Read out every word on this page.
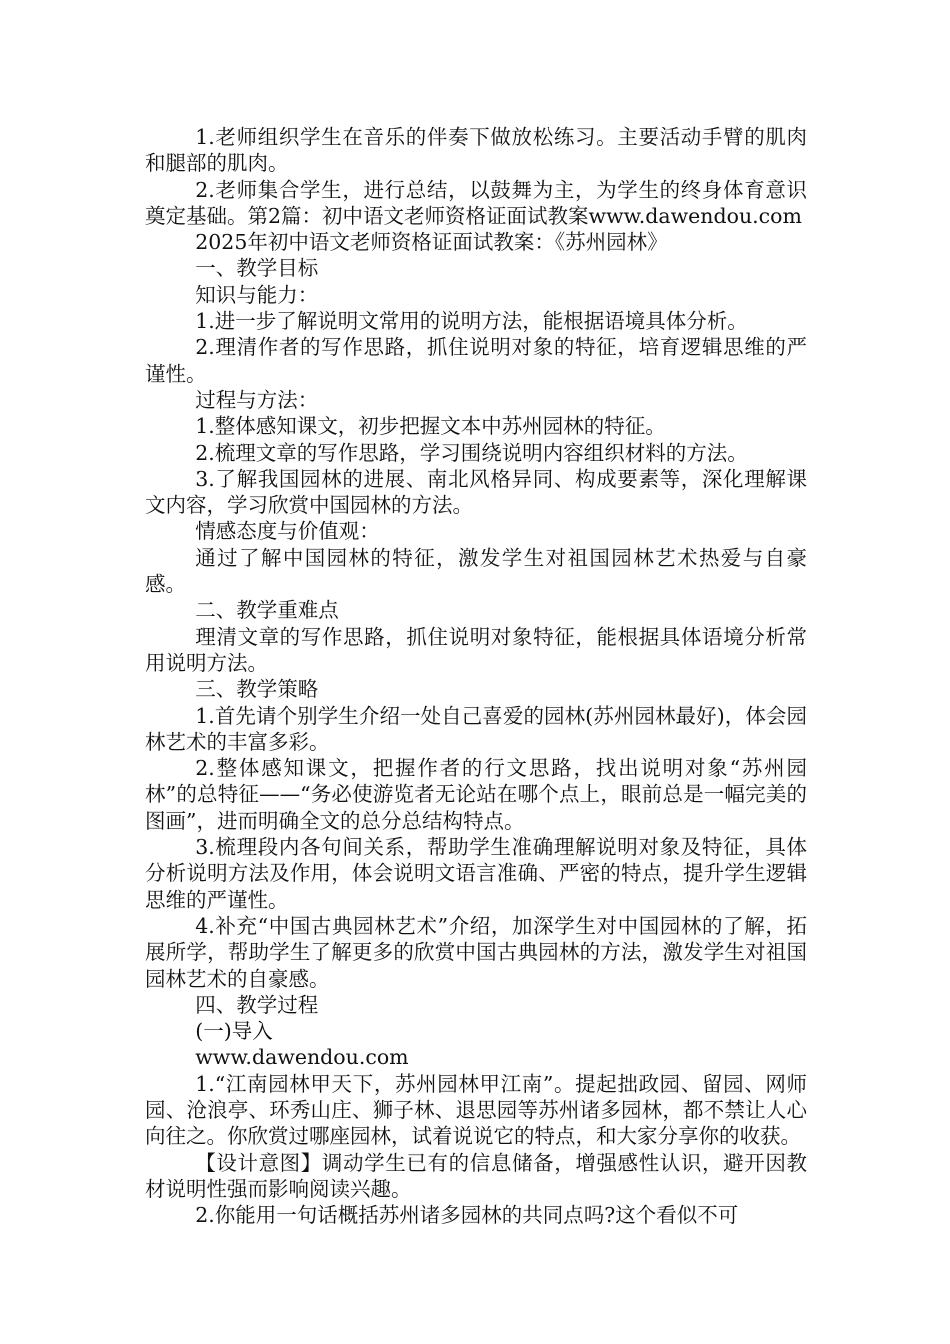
1.老师组织学生在音乐的伴奏下做放松练习。主要活动手臂的肌肉和腿部的肌肉。

2.老师集合学生，进行总结，以鼓舞为主，为学生的终身体育意识奠定基础。第2篇：初中语文老师资格证面试教案www.dawendou.com

2025年初中语文老师资格证面试教案：《苏州园林》

一、教学目标

知识与能力：

1.进一步了解说明文常用的说明方法，能根据语境具体分析。

2.理清作者的写作思路，抓住说明对象的特征，培育逻辑思维的严谨性。

过程与方法：

1.整体感知课文，初步把握文本中苏州园林的特征。

2.梳理文章的写作思路，学习围绕说明内容组织材料的方法。

3.了解我国园林的进展、南北风格异同、构成要素等，深化理解课文内容，学习欣赏中国园林的方法。

情感态度与价值观：

通过了解中国园林的特征，激发学生对祖国园林艺术热爱与自豪感。

二、教学重难点

理清文章的写作思路，抓住说明对象特征，能根据具体语境分析常用说明方法。

三、教学策略

1.首先请个别学生介绍一处自己喜爱的园林(苏州园林最好)，体会园林艺术的丰富多彩。

2.整体感知课文，把握作者的行文思路，找出说明对象“苏州园林”的总特征——“务必使游览者无论站在哪个点上，眼前总是一幅完美的图画”，进而明确全文的总分总结构特点。

3.梳理段内各句间关系，帮助学生准确理解说明对象及特征，具体分析说明方法及作用，体会说明文语言准确、严密的特点，提升学生逻辑思维的严谨性。

4.补充“中国古典园林艺术”介绍，加深学生对中国园林的了解，拓展所学，帮助学生了解更多的欣赏中国古典园林的方法，激发学生对祖国园林艺术的自豪感。

四、教学过程

(一)导入

www.dawendou.com

1.“江南园林甲天下，苏州园林甲江南”。提起拙政园、留园、网师园、沧浪亭、环秀山庄、狮子林、退思园等苏州诸多园林，都不禁让人心向往之。你欣赏过哪座园林，试着说说它的特点，和大家分享你的收获。

【设计意图】调动学生已有的信息储备，增强感性认识，避开因教材说明性强而影响阅读兴趣。

2.你能用一句话概括苏州诸多园林的共同点吗?这个看似不可
